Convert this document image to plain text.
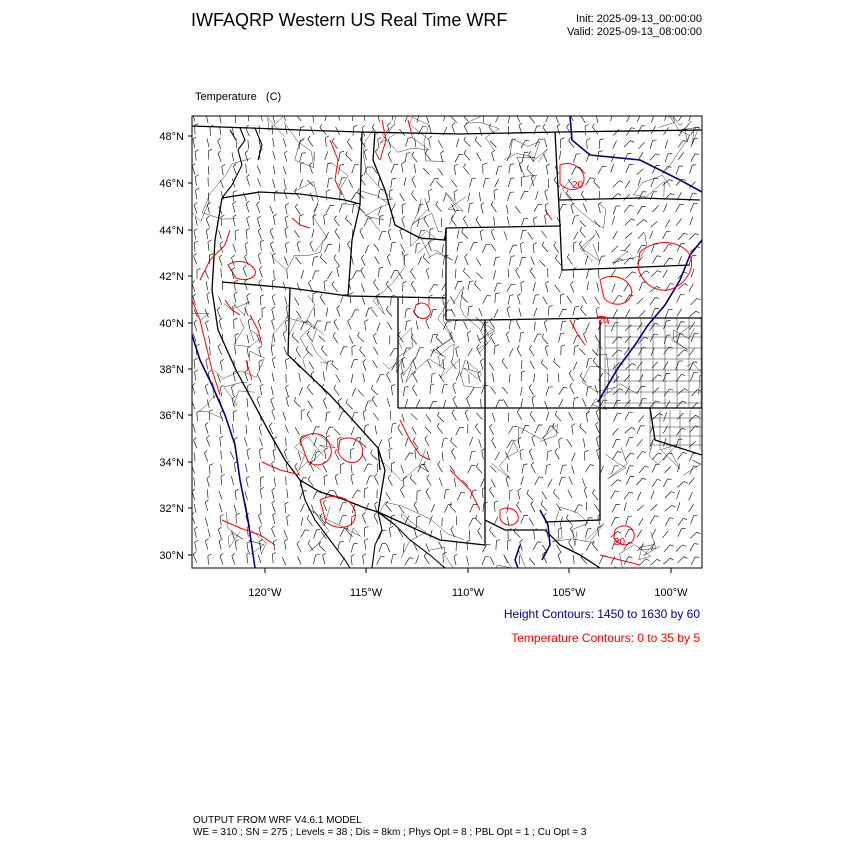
IWFAQRP Western US Real Time WRF	Init: 2025-09-13_00:00:00
Valid: 2025-09-13_08:00:00

Temperature   (C)

20
20
20
48°N
46°N
44°N
42°N
40°N
38°N
36°N
34°N
32°N
30°N
120°W	115°W	110°W	105°W	100°W
Height Contours: 1450 to 1630 by 60
Temperature Contours: 0 to 35 by 5
OUTPUT FROM WRF V4.6.1 MODEL
WE = 310 ; SN = 275 ; Levels = 38 ; Dis = 8km ; Phys Opt = 8 ; PBL Opt = 1 ; Cu Opt = 3
